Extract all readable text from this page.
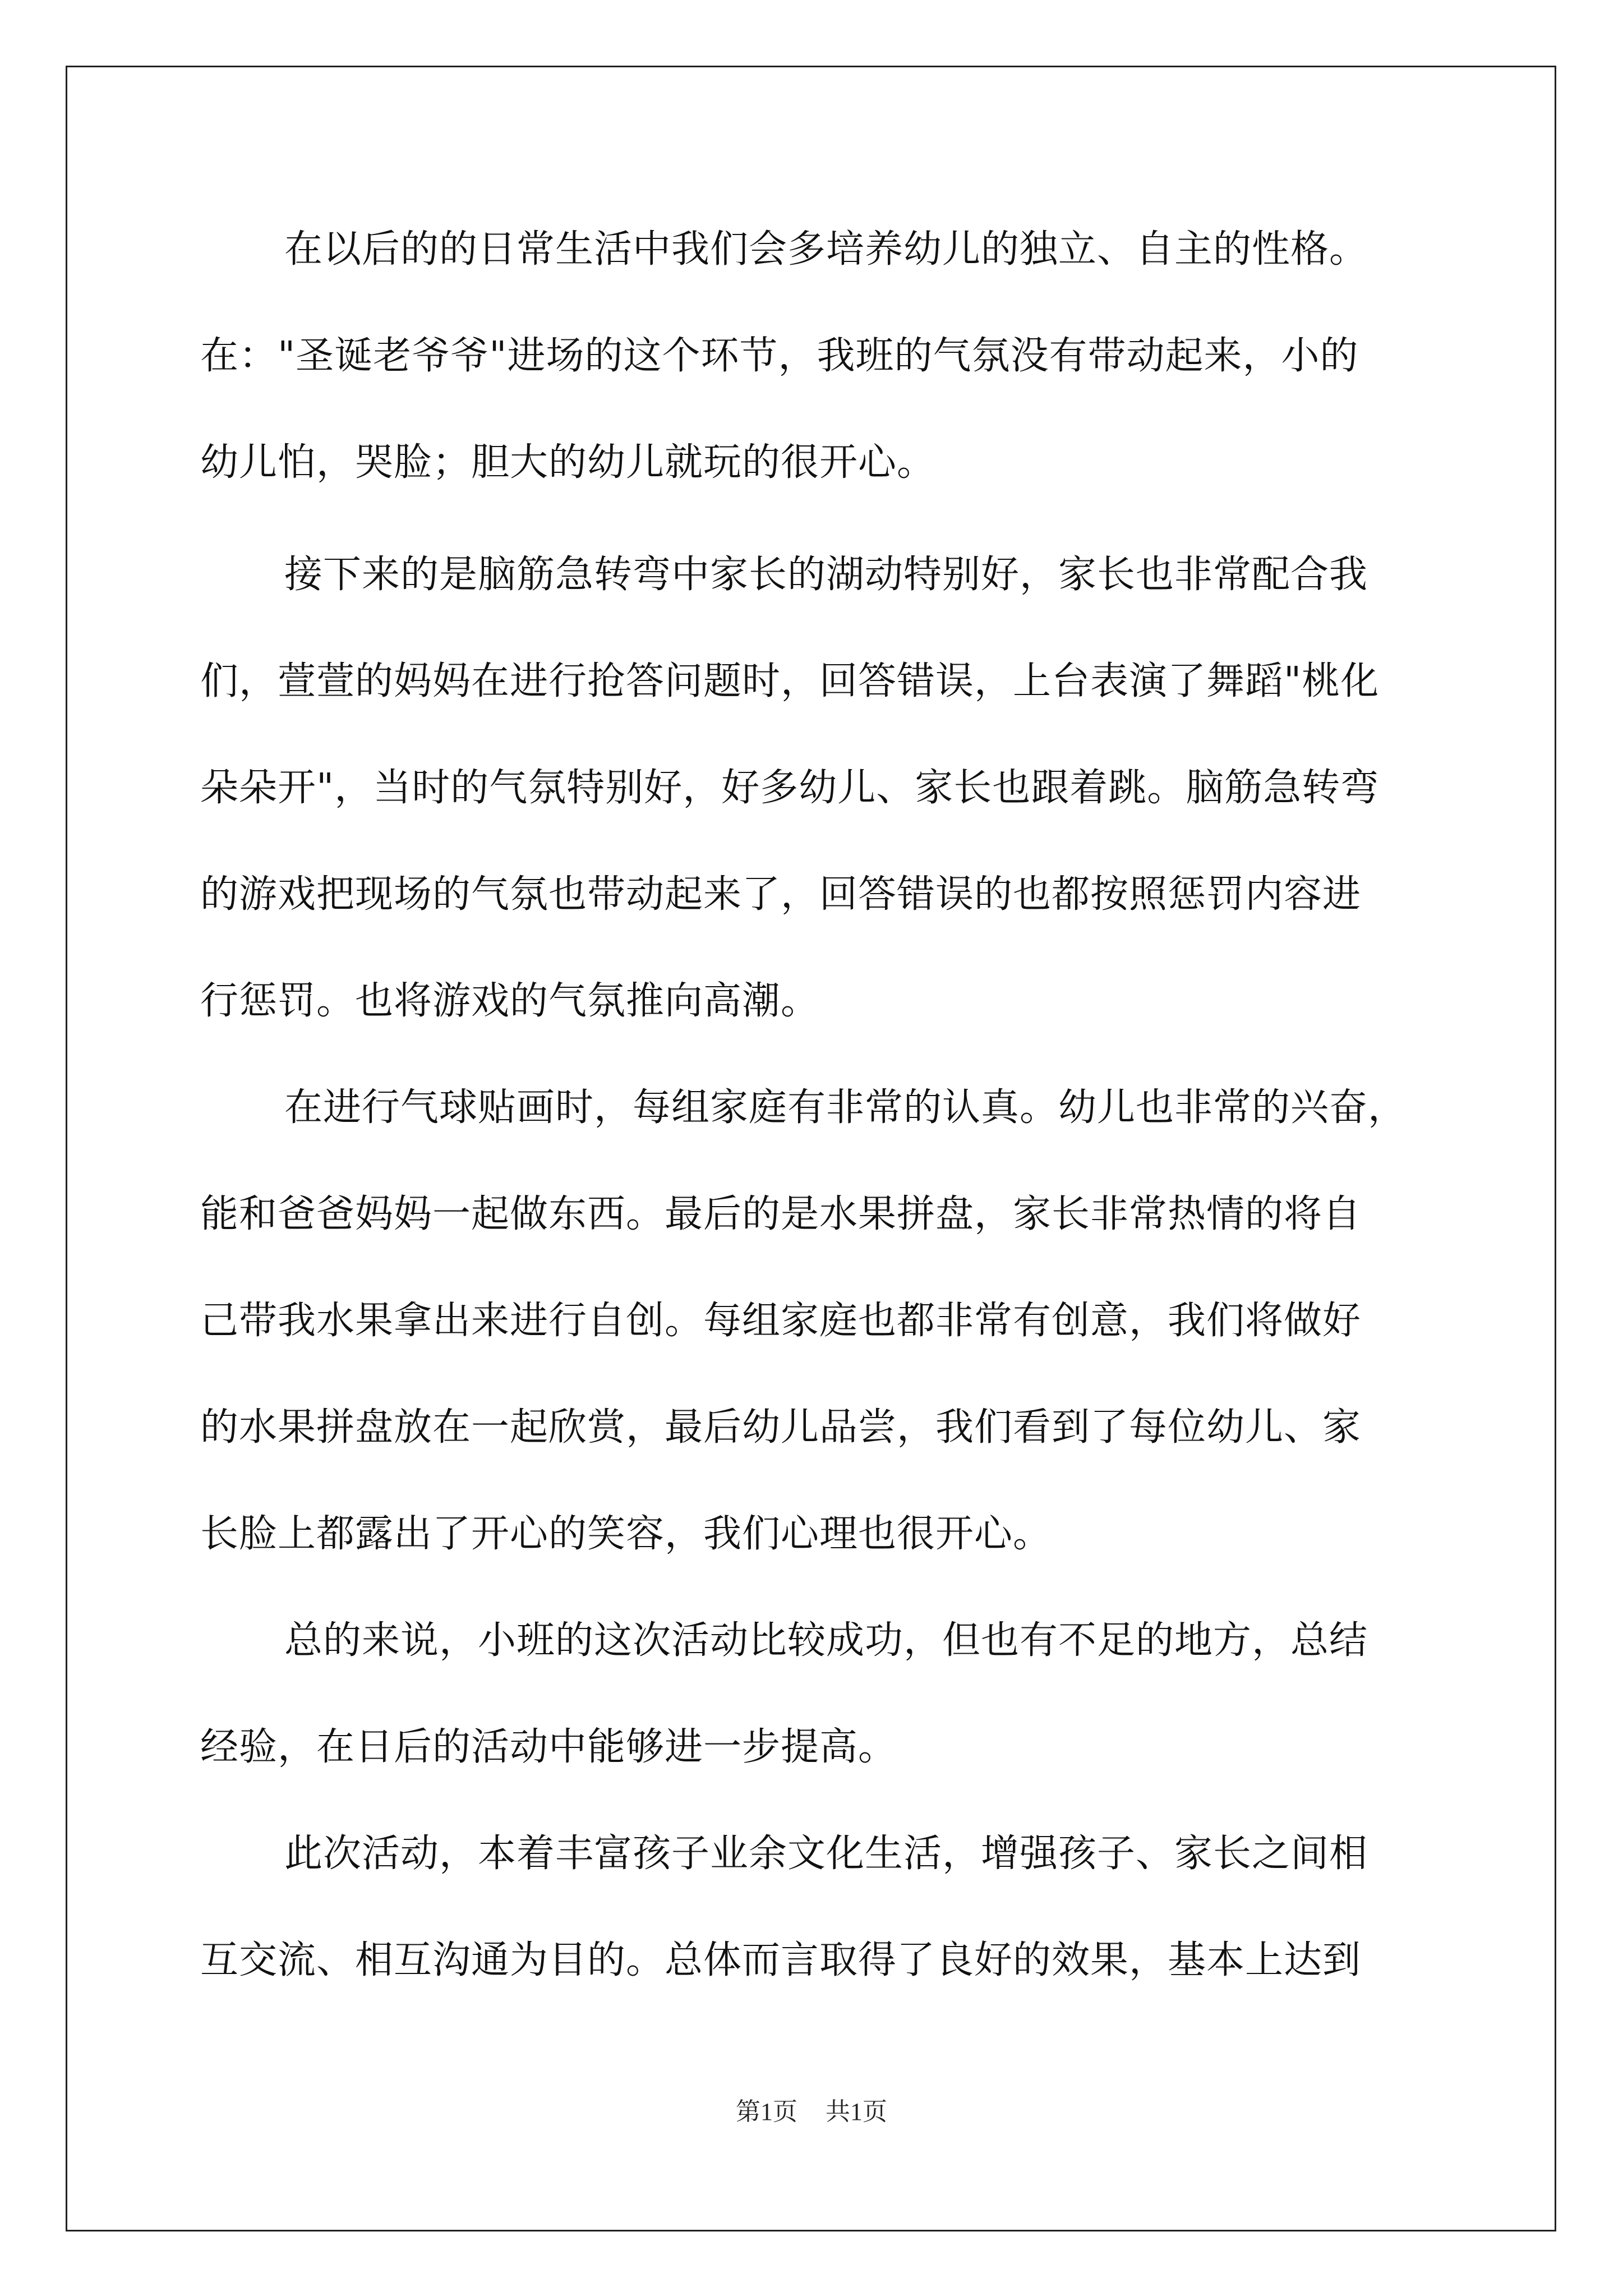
在以后的的日常生活中我们会多培养幼儿的独立、自主的性格。
在："圣诞老爷爷"进场的这个环节，我班的气氛没有带动起来，小的
幼儿怕，哭脸；胆大的幼儿就玩的很开心。
接下来的是脑筋急转弯中家长的湖动特别好，家长也非常配合我
们，萱萱的妈妈在进行抢答问题时，回答错误，上台表演了舞蹈"桃化
朵朵开"，当时的气氛特别好，好多幼儿、家长也跟着跳。脑筋急转弯
的游戏把现场的气氛也带动起来了，回答错误的也都按照惩罚内容进
行惩罚。也将游戏的气氛推向高潮。
在进行气球贴画时，每组家庭有非常的认真。幼儿也非常的兴奋，
能和爸爸妈妈一起做东西。最后的是水果拼盘，家长非常热情的将自
己带我水果拿出来进行自创。每组家庭也都非常有创意，我们将做好
的水果拼盘放在一起欣赏，最后幼儿品尝，我们看到了每位幼儿、家
长脸上都露出了开心的笑容，我们心理也很开心。
总的来说，小班的这次活动比较成功，但也有不足的地方，总结
经验，在日后的活动中能够进一步提高。
此次活动，本着丰富孩子业余文化生活，增强孩子、家长之间相
互交流、相互沟通为目的。总体而言取得了良好的效果，基本上达到
第1页 共1页
